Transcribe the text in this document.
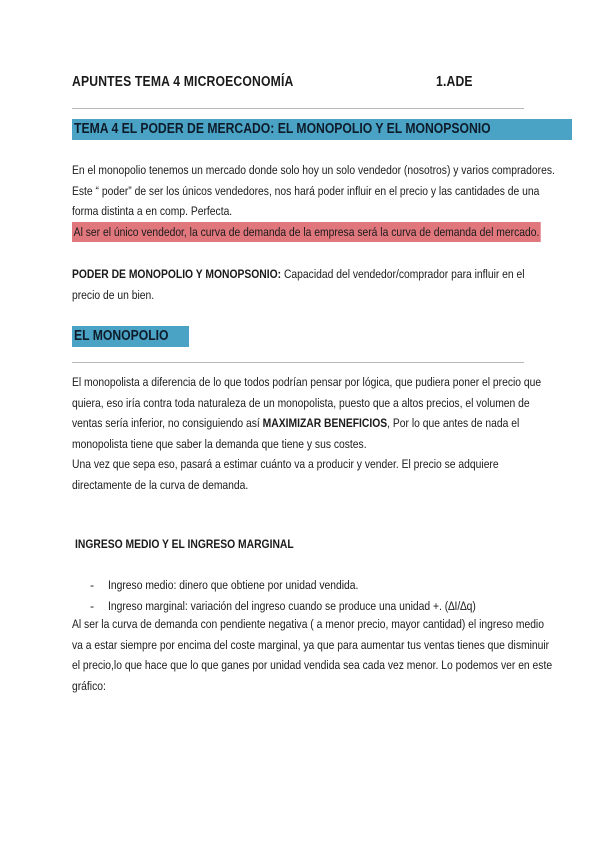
APUNTES TEMA 4 MICROECONOMÍA	1.ADE
TEMA 4 EL PODER DE MERCADO: EL MONOPOLIO Y EL MONOPSONIO
En el monopolio tenemos un mercado donde solo hoy un solo vendedor (nosotros) y varios compradores.
Este “ poder” de ser los únicos vendedores, nos hará poder influir en el precio y las cantidades de una
forma distinta a en comp. Perfecta.
Al ser el único vendedor, la curva de demanda de la empresa será la curva de demanda del mercado.
PODER DE MONOPOLIO Y MONOPSONIO: Capacidad del vendedor/comprador para influir en el
precio de un bien.
EL MONOPOLIO
El monopolista a diferencia de lo que todos podrían pensar por lógica, que pudiera poner el precio que
quiera, eso iría contra toda naturaleza de un monopolista, puesto que a altos precios, el volumen de
ventas sería inferior, no consiguiendo así MAXIMIZAR BENEFICIOS, Por lo que antes de nada el
monopolista tiene que saber la demanda que tiene y sus costes.
Una vez que sepa eso, pasará a estimar cuánto va a producir y vender. El precio se adquiere
directamente de la curva de demanda.
INGRESO MEDIO Y EL INGRESO MARGINAL
- Ingreso medio: dinero que obtiene por unidad vendida.
- Ingreso marginal: variación del ingreso cuando se produce una unidad +. (∆I/∆q)
Al ser la curva de demanda con pendiente negativa ( a menor precio, mayor cantidad) el ingreso medio
va a estar siempre por encima del coste marginal, ya que para aumentar tus ventas tienes que disminuir
el precio,lo que hace que lo que ganes por unidad vendida sea cada vez menor. Lo podemos ver en este
gráfico:
